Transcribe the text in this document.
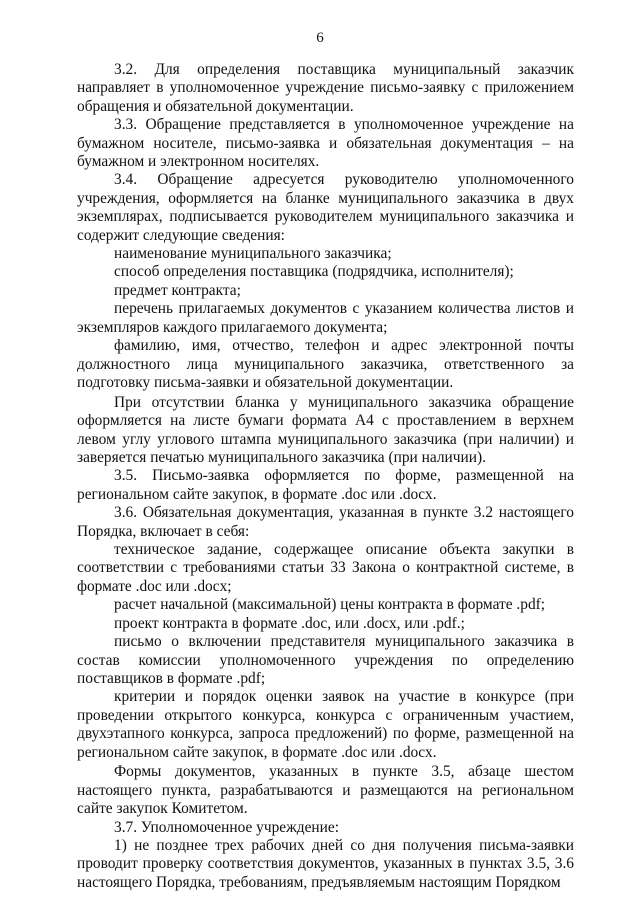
6

3.2. Для определения поставщика муниципальный заказчик направляет в уполномоченное учреждение письмо-заявку с приложением обращения и обязательной документации.

3.3. Обращение представляется в уполномоченное учреждение на бумажном носителе, письмо-заявка и обязательная документация – на бумажном и электронном носителях.

3.4. Обращение адресуется руководителю уполномоченного учреждения, оформляется на бланке муниципального заказчика в двух экземплярах, подписывается руководителем муниципального заказчика и содержит следующие сведения:

наименование муниципального заказчика;

способ определения поставщика (подрядчика, исполнителя);

предмет контракта;

перечень прилагаемых документов с указанием количества листов и экземпляров каждого прилагаемого документа;

фамилию, имя, отчество, телефон и адрес электронной почты должностного лица муниципального заказчика, ответственного за подготовку письма-заявки и обязательной документации.

При отсутствии бланка у муниципального заказчика обращение оформляется на листе бумаги формата А4 с проставлением в верхнем левом углу углового штампа муниципального заказчика (при наличии) и заверяется печатью муниципального заказчика (при наличии).

3.5. Письмо-заявка оформляется по форме, размещенной на региональном сайте закупок, в формате .doc или .docx.

3.6. Обязательная документация, указанная в пункте 3.2 настоящего Порядка, включает в себя:

техническое задание, содержащее описание объекта закупки в соответствии с требованиями статьи 33 Закона о контрактной системе, в формате .doc или .docx;

расчет начальной (максимальной) цены контракта в формате .pdf;

проект контракта в формате .doc, или .docx, или .pdf.;

письмо о включении представителя муниципального заказчика в состав комиссии уполномоченного учреждения по определению поставщиков в формате .pdf;

критерии и порядок оценки заявок на участие в конкурсе (при проведении открытого конкурса, конкурса с ограниченным участием, двухэтапного конкурса, запроса предложений) по форме, размещенной на региональном сайте закупок, в формате .doc или .docx.

Формы документов, указанных в пункте 3.5, абзаце шестом настоящего пункта, разрабатываются и размещаются на региональном сайте закупок Комитетом.

3.7. Уполномоченное учреждение:

1) не позднее трех рабочих дней со дня получения письма-заявки проводит проверку соответствия документов, указанных в пунктах 3.5, 3.6 настоящего Порядка, требованиям, предъявляемым настоящим Порядком
